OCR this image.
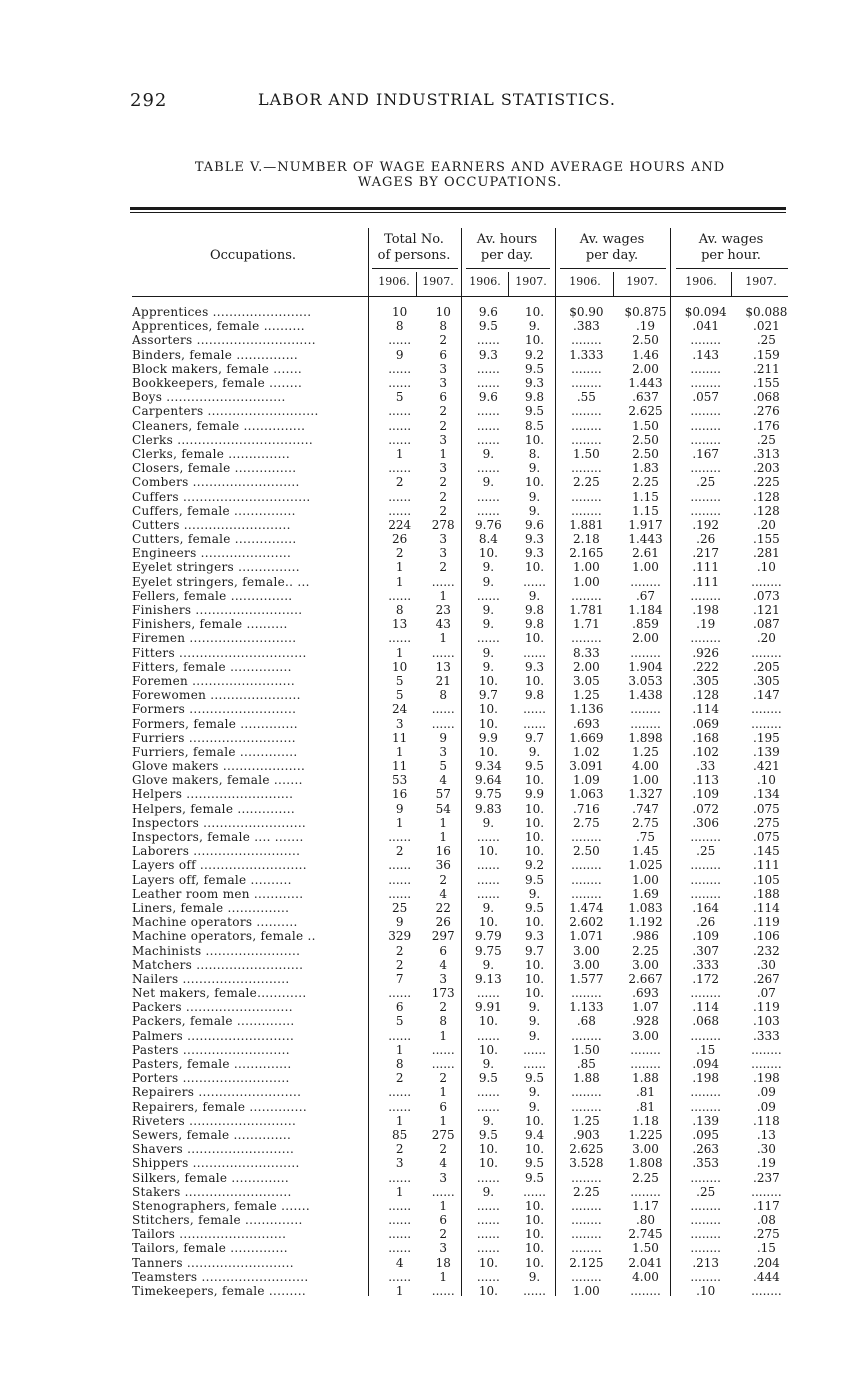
292	LABOR AND INDUSTRIAL STATISTICS.
TABLE V.—NUMBER OF WAGE EARNERS AND AVERAGE HOURS AND
WAGES BY OCCUPATIONS.
Occupations.
Total No.
of persons.
Av. hours
per day.
Av. wages
per day.
Av. wages
per hour.
1906.	1907.	1906.	1907.	1906.	1907.	1906.	1907.
Apprentices ........................	10	10	9.6	10.	$0.90	$0.875	$0.094	$0.088
Apprentices, female ..........	8	8	9.5	9.	.383	.19	.041	.021
Assorters .............................	......	2	......	10.	........	2.50	........	.25
Binders, female ...............	9	6	9.3	9.2	1.333	1.46	.143	.159
Block makers, female .......	......	3	......	9.5	........	2.00	........	.211
Bookkeepers, female ........	......	3	......	9.3	........	1.443	........	.155
Boys .............................	5	6	9.6	9.8	.55	.637	.057	.068
Carpenters ...........................	......	2	......	9.5	........	2.625	........	.276
Cleaners, female ...............	......	2	......	8.5	........	1.50	........	.176
Clerks .................................	......	3	......	10.	........	2.50	........	.25
Clerks, female ...............	1	1	9.	8.	1.50	2.50	.167	.313
Closers, female ...............	......	3	......	9.	........	1.83	........	.203
Combers ..........................	2	2	9.	10.	2.25	2.25	.25	.225
Cuffers ...............................	......	2	......	9.	........	1.15	........	.128
Cuffers, female ...............	......	2	......	9.	........	1.15	........	.128
Cutters ..........................	224	278	9.76	9.6	1.881	1.917	.192	.20
Cutters, female ...............	26	3	8.4	9.3	2.18	1.443	.26	.155
Engineers ......................	2	3	10.	9.3	2.165	2.61	.217	.281
Eyelet stringers ...............	1	2	9.	10.	1.00	1.00	.111	.10
Eyelet stringers, female.. ...	1	......	9.	......	1.00	........	.111	........
Fellers, female ...............	......	1	......	9.	........	.67	........	.073
Finishers ..........................	8	23	9.	9.8	1.781	1.184	.198	.121
Finishers, female ..........	13	43	9.	9.8	1.71	.859	.19	.087
Firemen ..........................	......	1	......	10.	........	2.00	........	.20
Fitters ...............................	1	......	9.	......	8.33	........	.926	........
Fitters, female ...............	10	13	9.	9.3	2.00	1.904	.222	.205
Foremen .........................	5	21	10.	10.	3.05	3.053	.305	.305
Forewomen ......................	5	8	9.7	9.8	1.25	1.438	.128	.147
Formers ..........................	24	......	10.	......	1.136	........	.114	........
Formers, female ..............	3	......	10.	......	.693	........	.069	........
Furriers ..........................	11	9	9.9	9.7	1.669	1.898	.168	.195
Furriers, female ..............	1	3	10.	9.	1.02	1.25	.102	.139
Glove makers ....................	11	5	9.34	9.5	3.091	4.00	.33	.421
Glove makers, female .......	53	4	9.64	10.	1.09	1.00	.113	.10
Helpers ..........................	16	57	9.75	9.9	1.063	1.327	.109	.134
Helpers, female ..............	9	54	9.83	10.	.716	.747	.072	.075
Inspectors .........................	1	1	9.	10.	2.75	2.75	.306	.275
Inspectors, female .... .......	......	1	......	10.	........	.75	........	.075
Laborers ..........................	2	16	10.	10.	2.50	1.45	.25	.145
Layers off ..........................	......	36	......	9.2	........	1.025	........	.111
Layers off, female ..........	......	2	......	9.5	........	1.00	........	.105
Leather room men ............	......	4	......	9.	........	1.69	........	.188
Liners, female ...............	25	22	9.	9.5	1.474	1.083	.164	.114
Machine operators ..........	9	26	10.	10.	2.602	1.192	.26	.119
Machine operators, female ..	329	297	9.79	9.3	1.071	.986	.109	.106
Machinists .......................	2	6	9.75	9.7	3.00	2.25	.307	.232
Matchers ..........................	2	4	9.	10.	3.00	3.00	.333	.30
Nailers ..........................	7	3	9.13	10.	1.577	2.667	.172	.267
Net makers, female............	......	173	......	10.	........	.693	........	.07
Packers ..........................	6	2	9.91	9.	1.133	1.07	.114	.119
Packers, female ..............	5	8	10.	9.	.68	.928	.068	.103
Palmers ..........................	......	1	......	9.	........	3.00	........	.333
Pasters ..........................	1	......	10.	......	1.50	........	.15	........
Pasters, female ..............	8	......	9.	......	.85	........	.094	........
Porters ..........................	2	2	9.5	9.5	1.88	1.88	.198	.198
Repairers .........................	......	1	......	9.	........	.81	........	.09
Repairers, female ..............	......	6	......	9.	........	.81	........	.09
Riveters ..........................	1	1	9.	10.	1.25	1.18	.139	.118
Sewers, female ..............	85	275	9.5	9.4	.903	1.225	.095	.13
Shavers ..........................	2	2	10.	10.	2.625	3.00	.263	.30
Shippers ..........................	3	4	10.	9.5	3.528	1.808	.353	.19
Silkers, female ..............	......	3	......	9.5	........	2.25	........	.237
Stakers ..........................	1	......	9.	......	2.25	........	.25	........
Stenographers, female .......	......	1	......	10.	........	1.17	........	.117
Stitchers, female ..............	......	6	......	10.	........	.80	........	.08
Tailors ..........................	......	2	......	10.	........	2.745	........	.275
Tailors, female ..............	......	3	......	10.	........	1.50	........	.15
Tanners ..........................	4	18	10.	10.	2.125	2.041	.213	.204
Teamsters ..........................	......	1	......	9.	........	4.00	........	.444
Timekeepers, female .........	1	......	10.	......	1.00	........	.10	........
